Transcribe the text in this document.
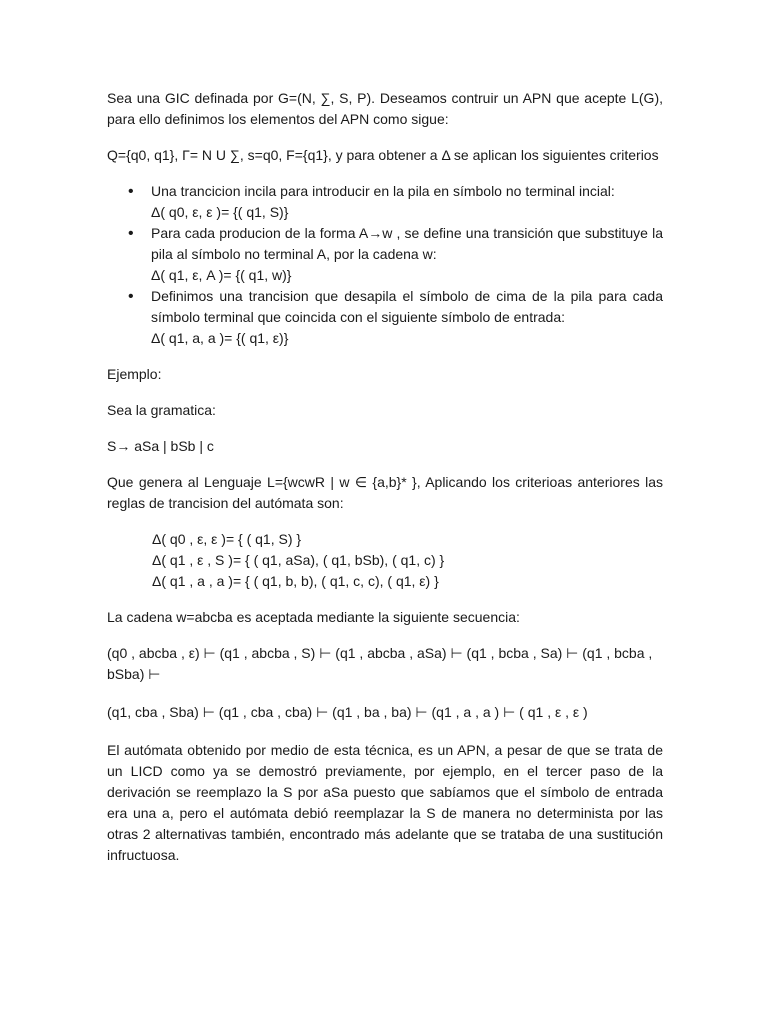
Sea una GIC definada por G=(N, ∑, S, P). Deseamos contruir un APN que acepte L(G), para ello definimos los elementos del APN como sigue:

Q={q0, q1}, Γ= N U ∑, s=q0, F={q1}, y para obtener a Δ se aplican los siguientes criterios

• Una trancicion incila para introducir en la pila en símbolo no terminal incial:
Δ( q0, ε, ε )= {( q1, S)}
• Para cada producion de la forma A→w , se define una transición que substituye la pila al símbolo no terminal A, por la cadena w:
Δ( q1, ε, A )= {( q1, w)}
• Definimos una trancision que desapila el símbolo de cima de la pila para cada símbolo terminal que coincida con el siguiente símbolo de entrada:
Δ( q1, a, a )= {( q1, ε)}

Ejemplo:

Sea la gramatica:

S→ aSa | bSb | c

Que genera al Lenguaje L={wcwR | w ∈ {a,b}* }, Aplicando los criterioas anteriores las reglas de trancision del autómata son:

Δ( q0 , ε, ε )= { ( q1, S) }
Δ( q1 , ε , S )= { ( q1, aSa), ( q1, bSb), ( q1, c) }
Δ( q1 , a , a )= { ( q1, b, b), ( q1, c, c), ( q1, ε) }

La cadena w=abcba es aceptada mediante la siguiente secuencia:

(q0 , abcba , ε) ⊢ (q1 , abcba , S) ⊢ (q1 , abcba , aSa) ⊢ (q1 , bcba , Sa) ⊢ (q1 , bcba , bSba) ⊢

(q1, cba , Sba) ⊢ (q1 , cba , cba) ⊢ (q1 , ba , ba) ⊢ (q1 , a , a ) ⊢ ( q1 , ε , ε )

El autómata obtenido por medio de esta técnica, es un APN, a pesar de que se trata de un LICD como ya se demostró previamente, por ejemplo, en el tercer paso de la derivación se reemplazo la S por aSa puesto que sabíamos que el símbolo de entrada era una a, pero el autómata debió reemplazar la S de manera no determinista por las otras 2 alternativas también, encontrado más adelante que se trataba de una sustitución infructuosa.
